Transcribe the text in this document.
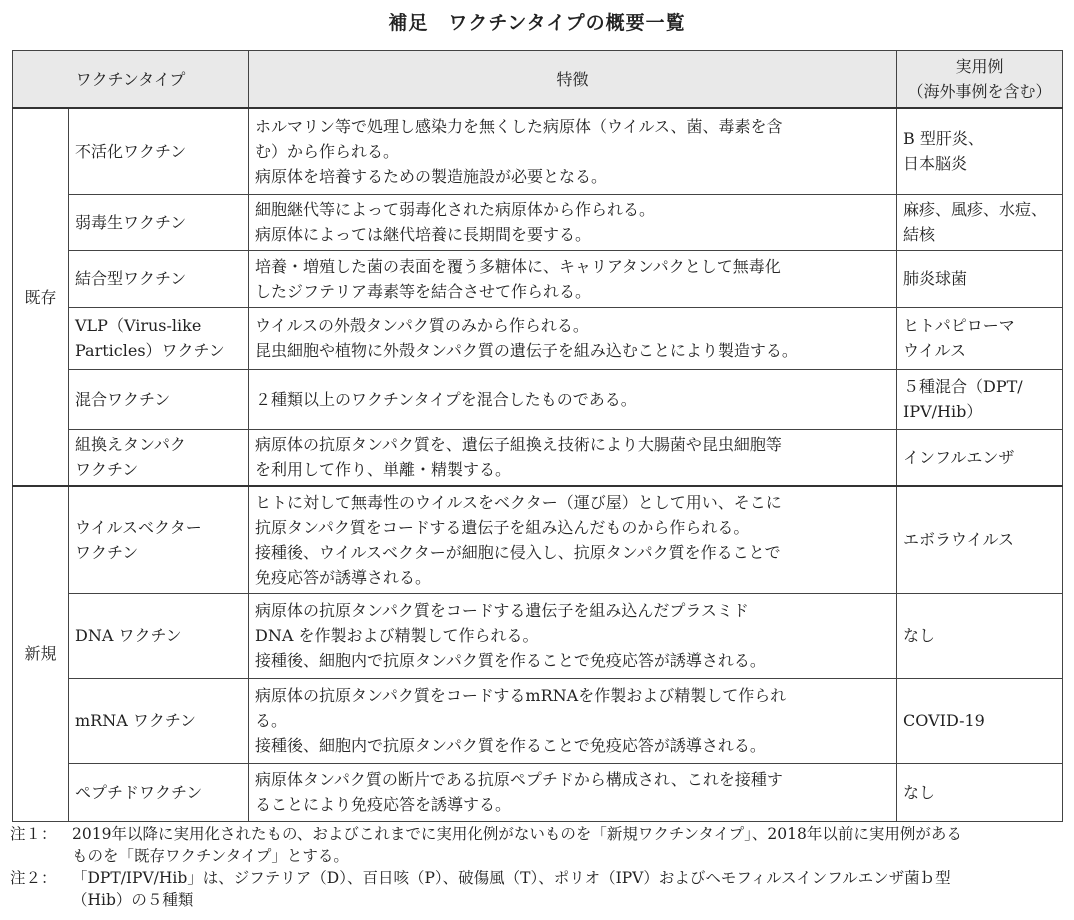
補足　ワクチンタイプの概要一覧
ワクチンタイプ		特徴	実用例
（海外事例を含む）

既存	不活化ワクチン	ホルマリン等で処理し感染力を無くした病原体（ウイルス、菌、毒素を含
む）から作られる。
病原体を培養するための製造施設が必要となる。	B 型肝炎、
日本脳炎

	弱毒生ワクチン	細胞継代等によって弱毒化された病原体から作られる。
病原体によっては継代培養に長期間を要する。	麻疹、風疹、水痘、
結核

	結合型ワクチン	培養・増殖した菌の表面を覆う多糖体に、キャリアタンパクとして無毒化
したジフテリア毒素等を結合させて作られる。	肺炎球菌

	VLP（Virus-like
Particles）ワクチン	ウイルスの外殻タンパク質のみから作られる。
昆虫細胞や植物に外殻タンパク質の遺伝子を組み込むことにより製造する。	ヒトパピローマ
ウイルス

	混合ワクチン	２種類以上のワクチンタイプを混合したものである。	５種混合（DPT/
IPV/Hib）

	組換えタンパク
ワクチン	病原体の抗原タンパク質を、遺伝子組換え技術により大腸菌や昆虫細胞等
を利用して作り、単離・精製する。	インフルエンザ

新規	ウイルスベクター
ワクチン	ヒトに対して無毒性のウイルスをベクター（運び屋）として用い、そこに
抗原タンパク質をコードする遺伝子を組み込んだものから作られる。
接種後、ウイルスベクターが細胞に侵入し、抗原タンパク質を作ることで
免疫応答が誘導される。	エボラウイルス

	DNA ワクチン	病原体の抗原タンパク質をコードする遺伝子を組み込んだプラスミド
DNA を作製および精製して作られる。
接種後、細胞内で抗原タンパク質を作ることで免疫応答が誘導される。	なし

	mRNA ワクチン	病原体の抗原タンパク質をコードするmRNAを作製および精製して作られ
る。
接種後、細胞内で抗原タンパク質を作ることで免疫応答が誘導される。	COVID-19

	ペプチドワクチン	病原体タンパク質の断片である抗原ペプチドから構成され、これを接種す
ることにより免疫応答を誘導する。	なし
注１： 2019年以降に実用化されたもの、およびこれまでに実用化例がないものを「新規ワクチンタイプ」、2018年以前に実用例がある
ものを「既存ワクチンタイプ」とする。
注２： 「DPT/IPV/Hib」は、ジフテリア（D）、百日咳（P）、破傷風（T）、ポリオ（IPV）およびヘモフィルスインフルエンザ菌ｂ型
（Hib）の５種類
